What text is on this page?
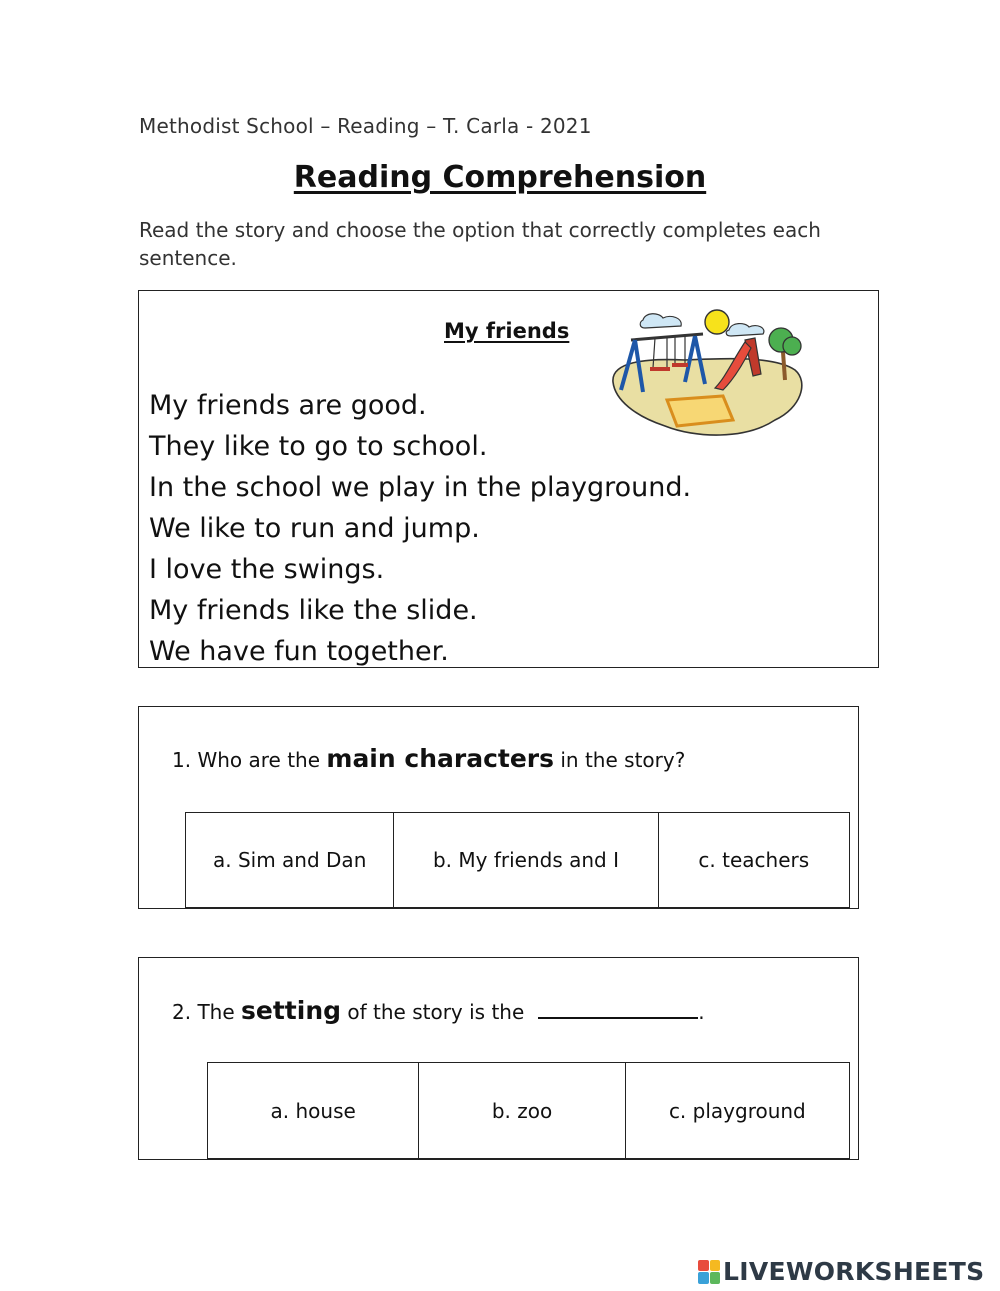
Methodist School – Reading – T. Carla - 2021
Reading Comprehension
Read the story and choose the option that correctly completes each sentence.
My friends
My friends are good.
They like to go to school.
In the school we play in the playground.
We like to run and jump.
I love the swings.
My friends like the slide.
We have fun together.
1. Who are the main characters in the story?
a. Sim and Dan	b. My friends and I	c. teachers
2. The setting of the story is the	.
a. house	b. zoo	c. playground
LIVEWORKSHEETS
